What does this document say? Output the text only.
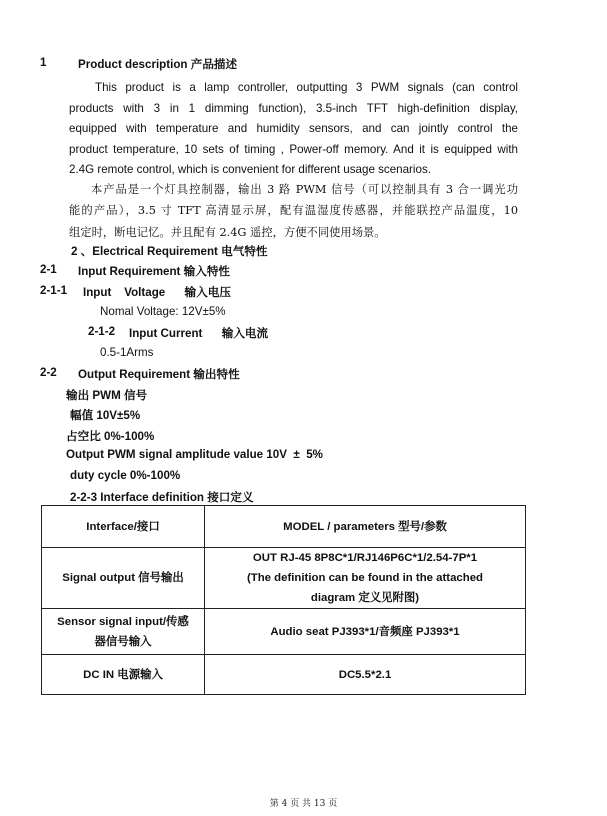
1	Product description 产品描述
This product is a lamp controller, outputting 3 PWM signals (can control
products with 3 in 1 dimming function), 3.5-inch TFT high-definition display,
equipped with temperature and humidity sensors, and can jointly control the
product temperature, 10 sets of timing , Power-off memory. And it is equipped with
2.4G remote control, which is convenient for different usage scenarios.
本产品是一个灯具控制器，输出 3 路 PWM 信号（可以控制具有 3 合一调光功
能的产品），3.5 寸 TFT 高清显示屏，配有温湿度传感器，并能联控产品温度，10
组定时，断电记忆。并且配有 2.4G 遥控，方便不同使用场景。
2 、Electrical Requirement 电气特性
2-1 Input Requirement 输入特性
2-1-1 Input    Voltage      输入电压
Nomal Voltage: 12V±5%
2-1-2 Input Current      输入电流
0.5-1Arms
2-2 Output Requirement 输出特性
输出 PWM 信号
幅值 10V±5%
占空比 0%-100%
Output PWM signal amplitude value 10V  ±  5%
duty cycle 0%-100%
2-2-3 Interface definition 接口定义
Interface/接口	MODEL / parameters 型号/参数
Signal output 信号输出	OUT RJ-45 8P8C*1/RJ146P6C*1/2.54-7P*1
(The definition can be found in the attached
diagram 定义见附图)

Sensor signal input/传感
器信号输入	Audio seat PJ393*1/音频座 PJ393*1

DC IN 电源输入	DC5.5*2.1
第 4 页 共 13 页
